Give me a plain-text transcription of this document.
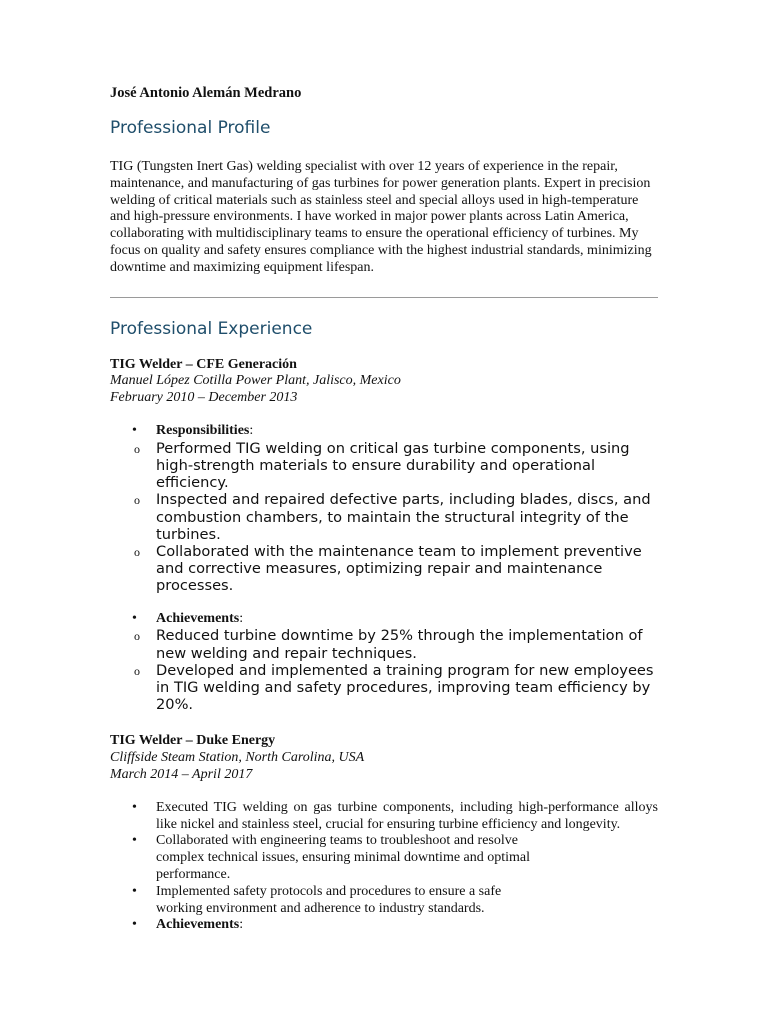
José Antonio Alemán Medrano

Professional Profile

TIG (Tungsten Inert Gas) welding specialist with over 12 years of experience in the repair, maintenance, and manufacturing of gas turbines for power generation plants. Expert in precision welding of critical materials such as stainless steel and special alloys used in high-temperature and high-pressure environments. I have worked in major power plants across Latin America, collaborating with multidisciplinary teams to ensure the operational efficiency of turbines. My focus on quality and safety ensures compliance with the highest industrial standards, minimizing downtime and maximizing equipment lifespan.

Professional Experience

TIG Welder – CFE Generación

Manuel López Cotilla Power Plant, Jalisco, Mexico

February 2010 – December 2013

• Responsibilities:
o Performed TIG welding on critical gas turbine components, using high-strength materials to ensure durability and operational efficiency.
o Inspected and repaired defective parts, including blades, discs, and combustion chambers, to maintain the structural integrity of the turbines.
o Collaborated with the maintenance team to implement preventive and corrective measures, optimizing repair and maintenance processes.
• Achievements:
o Reduced turbine downtime by 25% through the implementation of new welding and repair techniques.
o Developed and implemented a training program for new employees in TIG welding and safety procedures, improving team efficiency by 20%.

TIG Welder – Duke Energy

Cliffside Steam Station, North Carolina, USA

March 2014 – April 2017

• Executed TIG welding on gas turbine components, including high-performance alloys like nickel and stainless steel, crucial for ensuring turbine efficiency and longevity.
• Collaborated with engineering teams to troubleshoot and resolve complex technical issues, ensuring minimal downtime and optimal performance.
• Implemented safety protocols and procedures to ensure a safe working environment and adherence to industry standards.
• Achievements:
